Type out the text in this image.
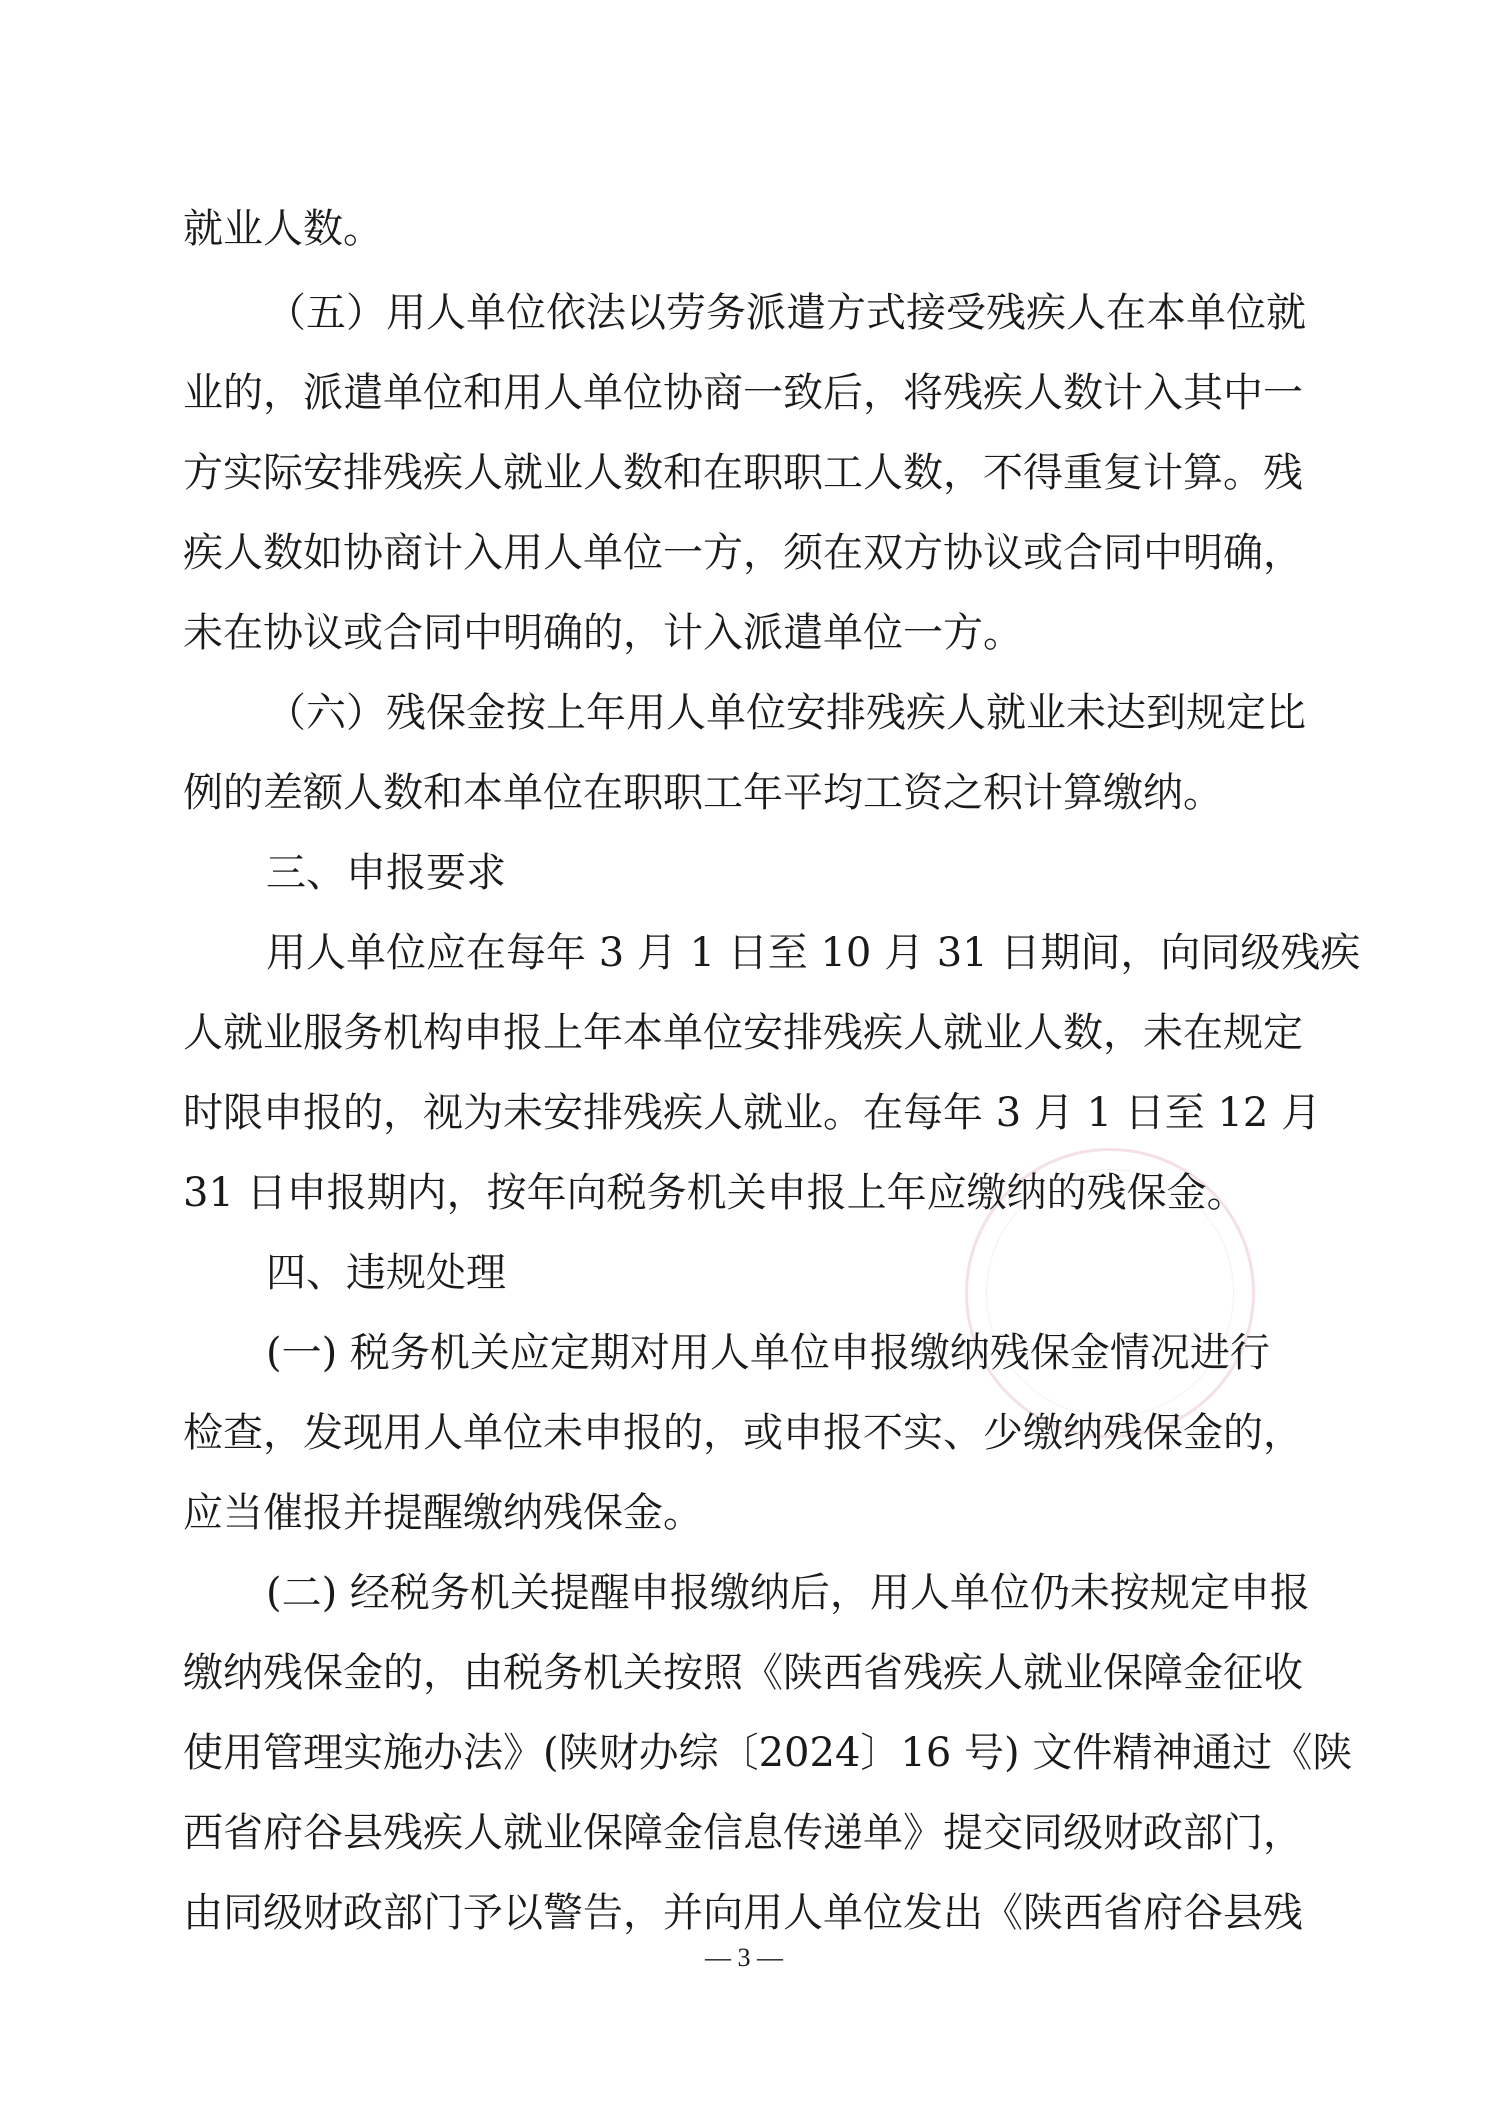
就业人数。
（五）用人单位依法以劳务派遣方式接受残疾人在本单位就
业的，派遣单位和用人单位协商一致后，将残疾人数计入其中一
方实际安排残疾人就业人数和在职职工人数，不得重复计算。残
疾人数如协商计入用人单位一方，须在双方协议或合同中明确，
未在协议或合同中明确的，计入派遣单位一方。
（六）残保金按上年用人单位安排残疾人就业未达到规定比
例的差额人数和本单位在职职工年平均工资之积计算缴纳。
三、申报要求
用人单位应在每年 3 月 1 日至 10 月 31 日期间，向同级残疾
人就业服务机构申报上年本单位安排残疾人就业人数，未在规定
时限申报的，视为未安排残疾人就业。在每年 3 月 1 日至 12 月
31 日申报期内，按年向税务机关申报上年应缴纳的残保金。
四、违规处理
(一) 税务机关应定期对用人单位申报缴纳残保金情况进行
检查，发现用人单位未申报的，或申报不实、少缴纳残保金的，
应当催报并提醒缴纳残保金。
(二) 经税务机关提醒申报缴纳后，用人单位仍未按规定申报
缴纳残保金的，由税务机关按照《陕西省残疾人就业保障金征收
使用管理实施办法》(陕财办综〔2024〕16 号) 文件精神通过《陕
西省府谷县残疾人就业保障金信息传递单》提交同级财政部门，
由同级财政部门予以警告，并向用人单位发出《陕西省府谷县残
— 3 —
